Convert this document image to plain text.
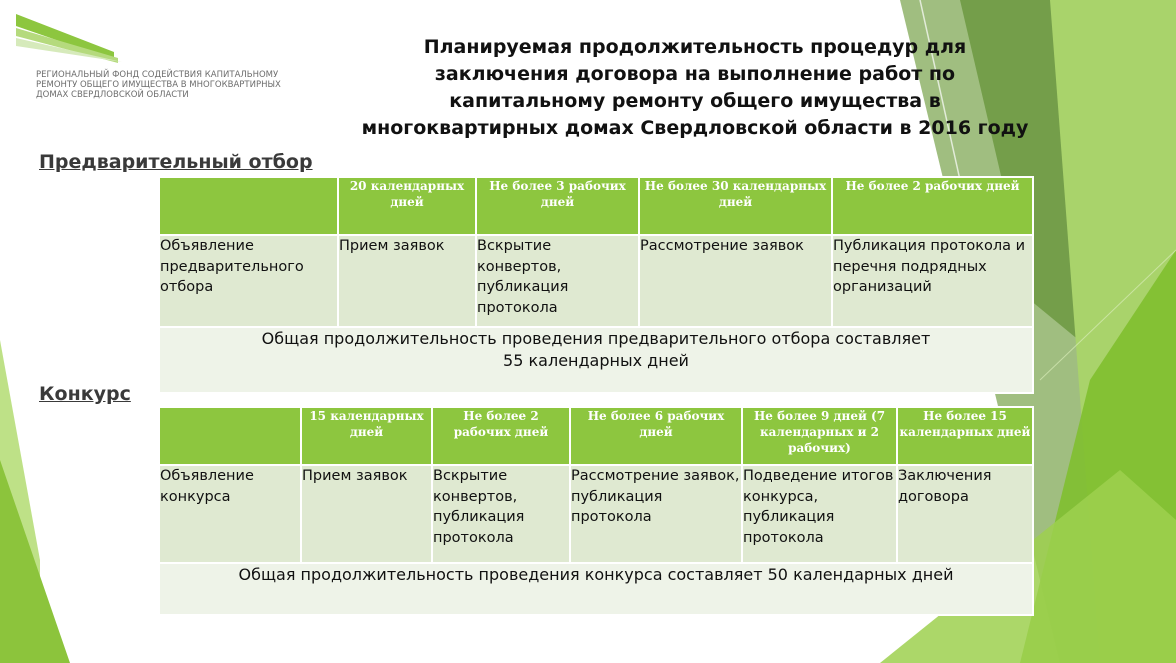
РЕГИОНАЛЬНЫЙ ФОНД СОДЕЙСТВИЯ КАПИТАЛЬНОМУ
РЕМОНТУ ОБЩЕГО ИМУЩЕСТВА В МНОГОКВАРТИРНЫХ
ДОМАХ СВЕРДЛОВСКОЙ ОБЛАСТИ
Планируемая продолжительность процедур для
заключения договора на выполнение работ по
капитальному ремонту общего имущества в
многоквартирных домах Свердловской области в 2016 году
Предварительный отбор
	20 календарных дней	Не более 3 рабочих дней	Не более 30 календарных дней	Не более 2 рабочих дней
Объявление предварительного отбора	Прием заявок	Вскрытие конвертов, публикация протокола	Рассмотрение заявок	Публикация протокола и перечня подрядных организаций

Общая продолжительность проведения предварительного отбора составляет
55 календарных дней				
Конкурс
	15 календарных дней	Не более 2 рабочих дней	Не более 6 рабочих дней	Не более 9 дней (7 календарных и 2 рабочих)	Не более 15 календарных дней
Объявление конкурса	Прием заявок	Вскрытие конвертов, публикация протокола	Рассмотрение заявок, публикация протокола	Подведение итогов конкурса, публикация протокола	Заключения договора
Общая продолжительность проведения конкурса составляет 50 календарных дней					
